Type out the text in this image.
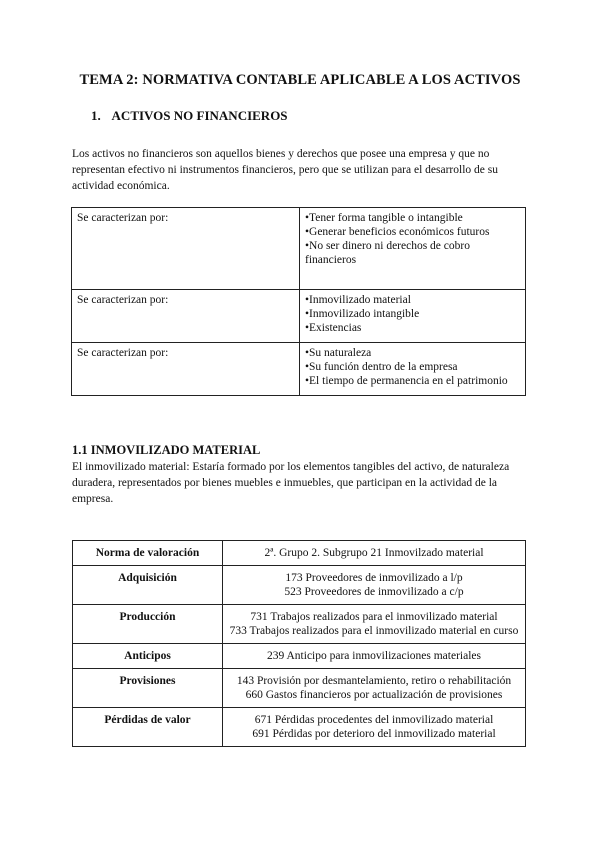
TEMA 2: NORMATIVA CONTABLE APLICABLE A LOS ACTIVOS
1. ACTIVOS NO FINANCIEROS
Los activos no financieros son aquellos bienes y derechos que posee una empresa y que no representan efectivo ni instrumentos financieros, pero que se utilizan para el desarrollo de su actividad económica.
Se caracterizan por:	•Tener forma tangible o intangible
•Generar beneficios económicos futuros
•No ser dinero ni derechos de cobro financieros

Se caracterizan por:	•Inmovilizado material
•Inmovilizado intangible
•Existencias

Se caracterizan por:	•Su naturaleza
•Su función dentro de la empresa
•El tiempo de permanencia en el patrimonio
1.1 INMOVILIZADO MATERIAL
El inmovilizado material: Estaría formado por los elementos tangibles del activo, de naturaleza duradera, representados por bienes muebles e inmuebles, que participan en la actividad de la empresa.
Norma de valoración	2ª. Grupo 2. Subgrupo 21 Inmovilzado material

Adquisición	173 Proveedores de inmovilizado a l/p
523 Proveedores de inmovilizado a c/p

Producción	731 Trabajos realizados para el inmovilizado material
733 Trabajos realizados para el inmovilizado material en curso

Anticipos	239 Anticipo para inmovilizaciones materiales

Provisiones	143 Provisión por desmantelamiento, retiro o rehabilitación
660 Gastos financieros por actualización de provisiones

Pérdidas de valor	671 Pérdidas procedentes del inmovilizado material
691 Pérdidas por deterioro del inmovilizado material
